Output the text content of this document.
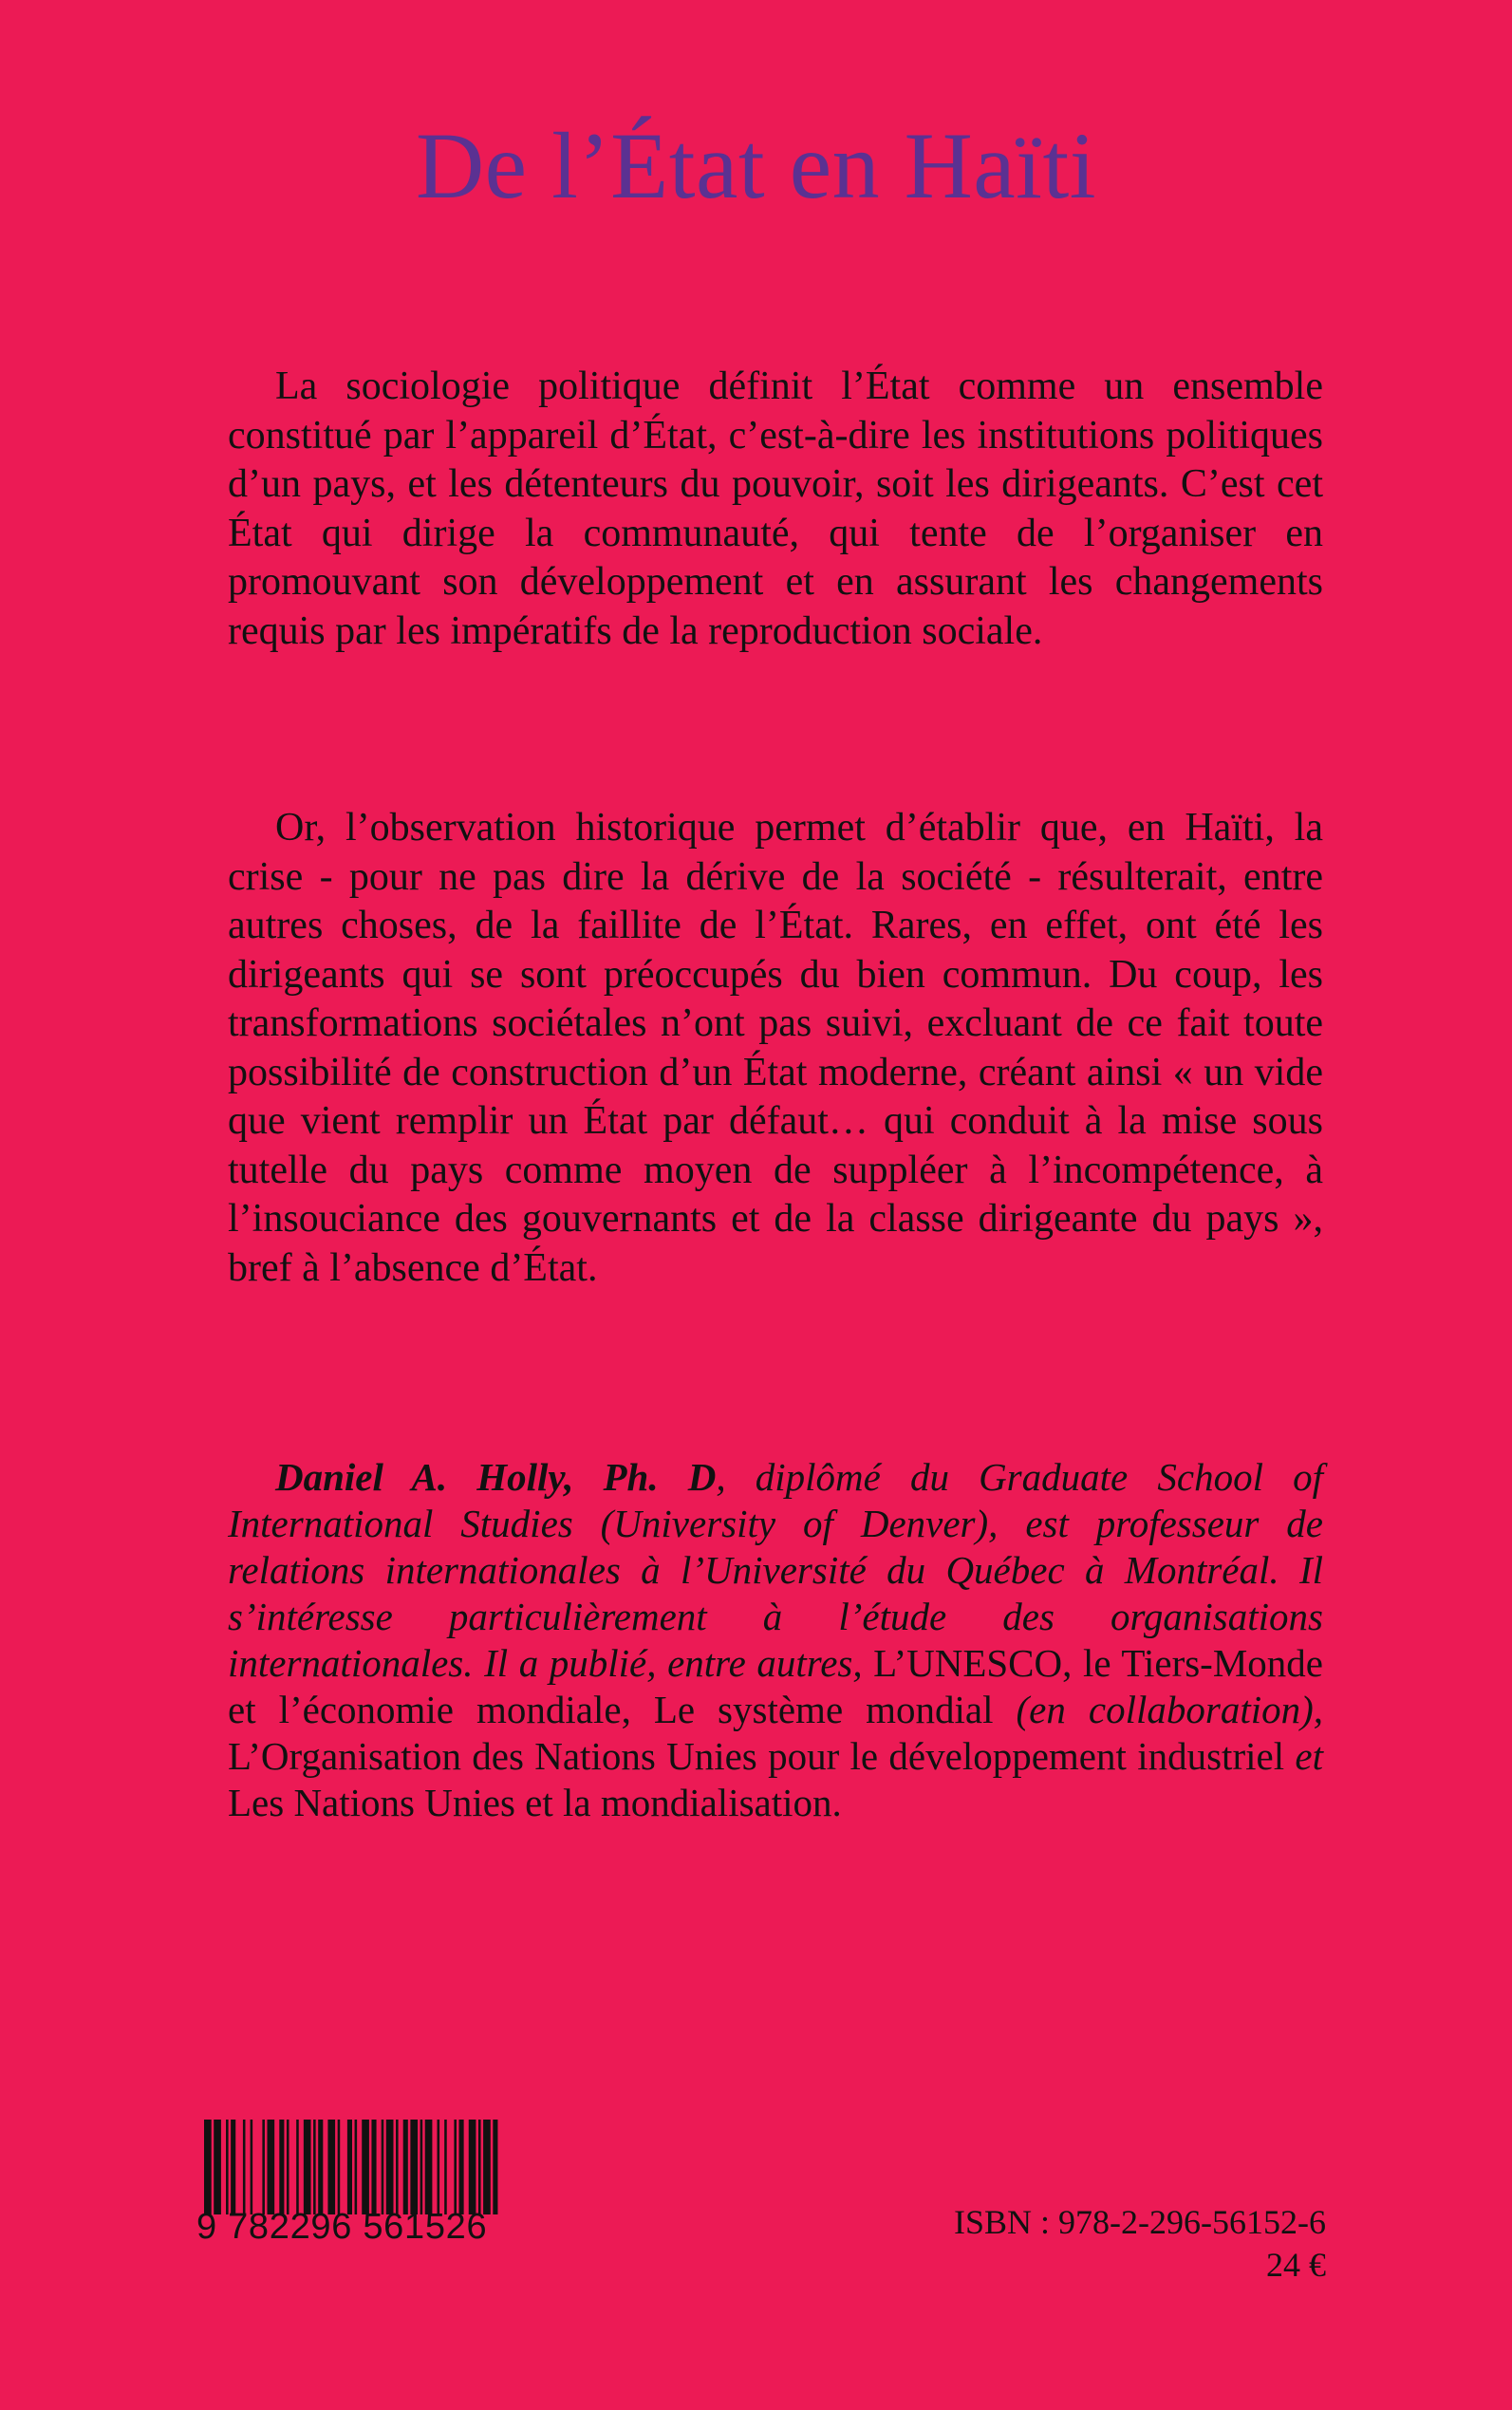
De l’État en Haïti

La sociologie politique définit l’État comme un ensemble constitué par l’appareil d’État, c’est-à-dire les institutions politiques d’un pays, et les détenteurs du pouvoir, soit les dirigeants. C’est cet État qui dirige la communauté, qui tente de l’organiser en promouvant son développement et en assurant les changements requis par les impératifs de la reproduction sociale.

Or, l’observation historique permet d’établir que, en Haïti, la crise - pour ne pas dire la dérive de la société - résulterait, entre autres choses, de la faillite de l’État. Rares, en effet, ont été les dirigeants qui se sont préoccupés du bien commun. Du coup, les transformations sociétales n’ont pas suivi, excluant de ce fait toute possibilité de construction d’un État moderne, créant ainsi « un vide que vient remplir un État par défaut… qui conduit à la mise sous tutelle du pays comme moyen de suppléer à l’incompétence, à l’insouciance des gouvernants et de la classe dirigeante du pays », bref à l’absence d’État.

Daniel A. Holly, Ph. D, diplômé du Graduate School of International Studies (University of Denver), est professeur de relations internationales à l’Université du Québec à Montréal. Il s’intéresse particulièrement à l’étude des organisations internationales. Il a publié, entre autres, L’UNESCO, le Tiers-Monde et l’économie mondiale, Le système mondial (en collaboration), L’Organisation des Nations Unies pour le développement industriel et Les Nations Unies et la mondialisation.

9 782296 561526	ISBN : 978-2-296-56152-6
24 €
